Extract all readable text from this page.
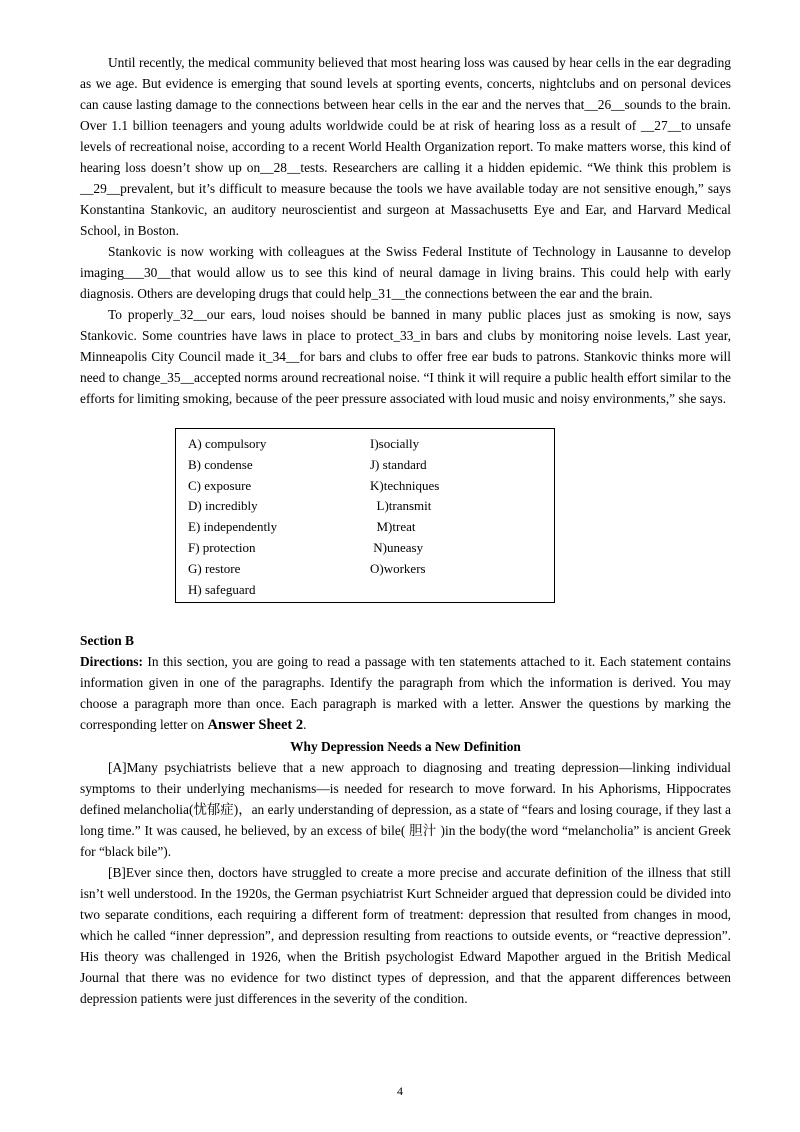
Until recently, the medical community believed that most hearing loss was caused by hear cells in the ear degrading as we age. But evidence is emerging that sound levels at sporting events, concerts, nightclubs and on personal devices can cause lasting damage to the connections between hear cells in the ear and the nerves that__26__sounds to the brain. Over 1.1 billion teenagers and young adults worldwide could be at risk of hearing loss as a result of __27__to unsafe levels of recreational noise, according to a recent World Health Organization report. To make matters worse, this kind of hearing loss doesn’t show up on__28__tests. Researchers are calling it a hidden epidemic. “We think this problem is __29__prevalent, but it’s difficult to measure because the tools we have available today are not sensitive enough,” says Konstantina Stankovic, an auditory neuroscientist and surgeon at Massachusetts Eye and Ear, and Harvard Medical School, in Boston.

Stankovic is now working with colleagues at the Swiss Federal Institute of Technology in Lausanne to develop imaging___30__that would allow us to see this kind of neural damage in living brains. This could help with early diagnosis. Others are developing drugs that could help_31__the connections between the ear and the brain.

To properly_32__our ears, loud noises should be banned in many public places just as smoking is now, says Stankovic. Some countries have laws in place to protect_33_in bars and clubs by monitoring noise levels. Last year, Minneapolis City Council made it_34__for bars and clubs to offer free ear buds to patrons. Stankovic thinks more will need to change_35__accepted norms around recreational noise. “I think it will require a public health effort similar to the efforts for limiting smoking, because of the peer pressure associated with loud music and noisy environments,” she says.

A) compulsory	I)socially
B) condense	J) standard
C) exposure	K)techniques
D) incredibly	L)transmit
E) independently	M)treat
F) protection	N)uneasy
G) restore	O)workers
H) safeguard
Section B

Directions: In this section, you are going to read a passage with ten statements attached to it. Each statement contains information given in one of the paragraphs. Identify the paragraph from which the information is derived. You may choose a paragraph more than once. Each paragraph is marked with a letter. Answer the questions by marking the corresponding letter on Answer Sheet 2.

Why Depression Needs a New Definition

[A]Many psychiatrists believe that a new approach to diagnosing and treating depression—linking individual symptoms to their underlying mechanisms—is needed for research to move forward. In his Aphorisms, Hippocrates defined melancholia(忧郁症)，an early understanding of depression, as a state of “fears and losing courage, if they last a long time.” It was caused, he believed, by an excess of bile( 胆汁 )in the body(the word “melancholia” is ancient Greek for “black bile”).

[B]Ever since then, doctors have struggled to create a more precise and accurate definition of the illness that still isn’t well understood. In the 1920s, the German psychiatrist Kurt Schneider argued that depression could be divided into two separate conditions, each requiring a different form of treatment: depression that resulted from changes in mood, which he called “inner depression”, and depression resulting from reactions to outside events, or “reactive depression”. His theory was challenged in 1926, when the British psychologist Edward Mapother argued in the British Medical Journal that there was no evidence for two distinct types of depression, and that the apparent differences between depression patients were just differences in the severity of the condition.

4
